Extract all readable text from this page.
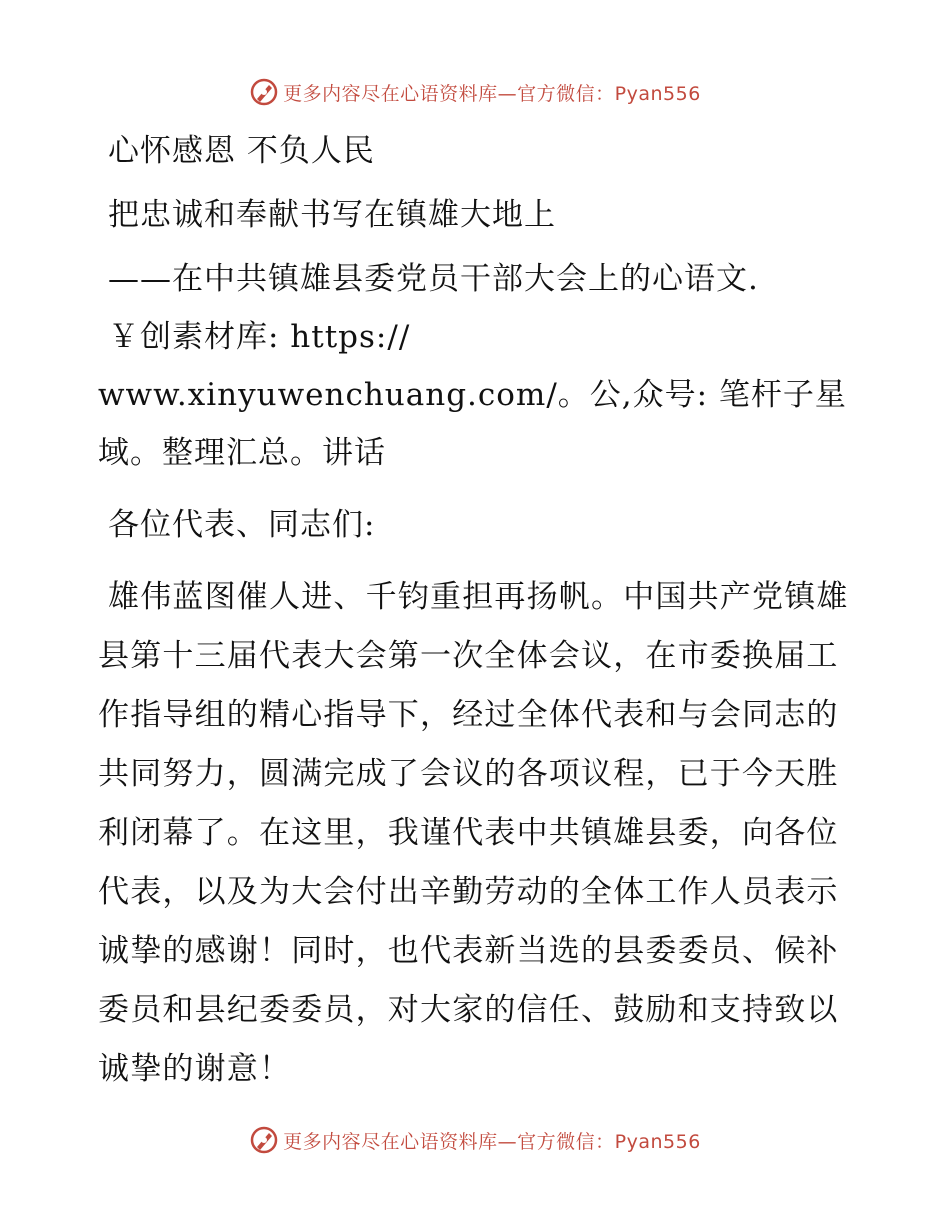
更多内容尽在心语资料库—官方微信：Pyan556
心怀感恩 不负人民
把忠诚和奉献书写在镇雄大地上
——在中共镇雄县委党员干部大会上的心语文.
￥创素材库: https://
www.xinyuwenchuang.com/。公,众号: 笔杆子星
域。整理汇总。讲话
各位代表、同志们:
雄伟蓝图催人进、千钧重担再扬帆。中国共产党镇雄县第十三届代表大会第一次全体会议，在市委换届工作指导组的精心指导下，经过全体代表和与会同志的共同努力，圆满完成了会议的各项议程，已于今天胜利闭幕了。在这里，我谨代表中共镇雄县委，向各位代表，以及为大会付出辛勤劳动的全体工作人员表示诚挚的感谢！同时，也代表新当选的县委委员、候补委员和县纪委委员，对大家的信任、鼓励和支持致以诚挚的谢意！
更多内容尽在心语资料库—官方微信：Pyan556
